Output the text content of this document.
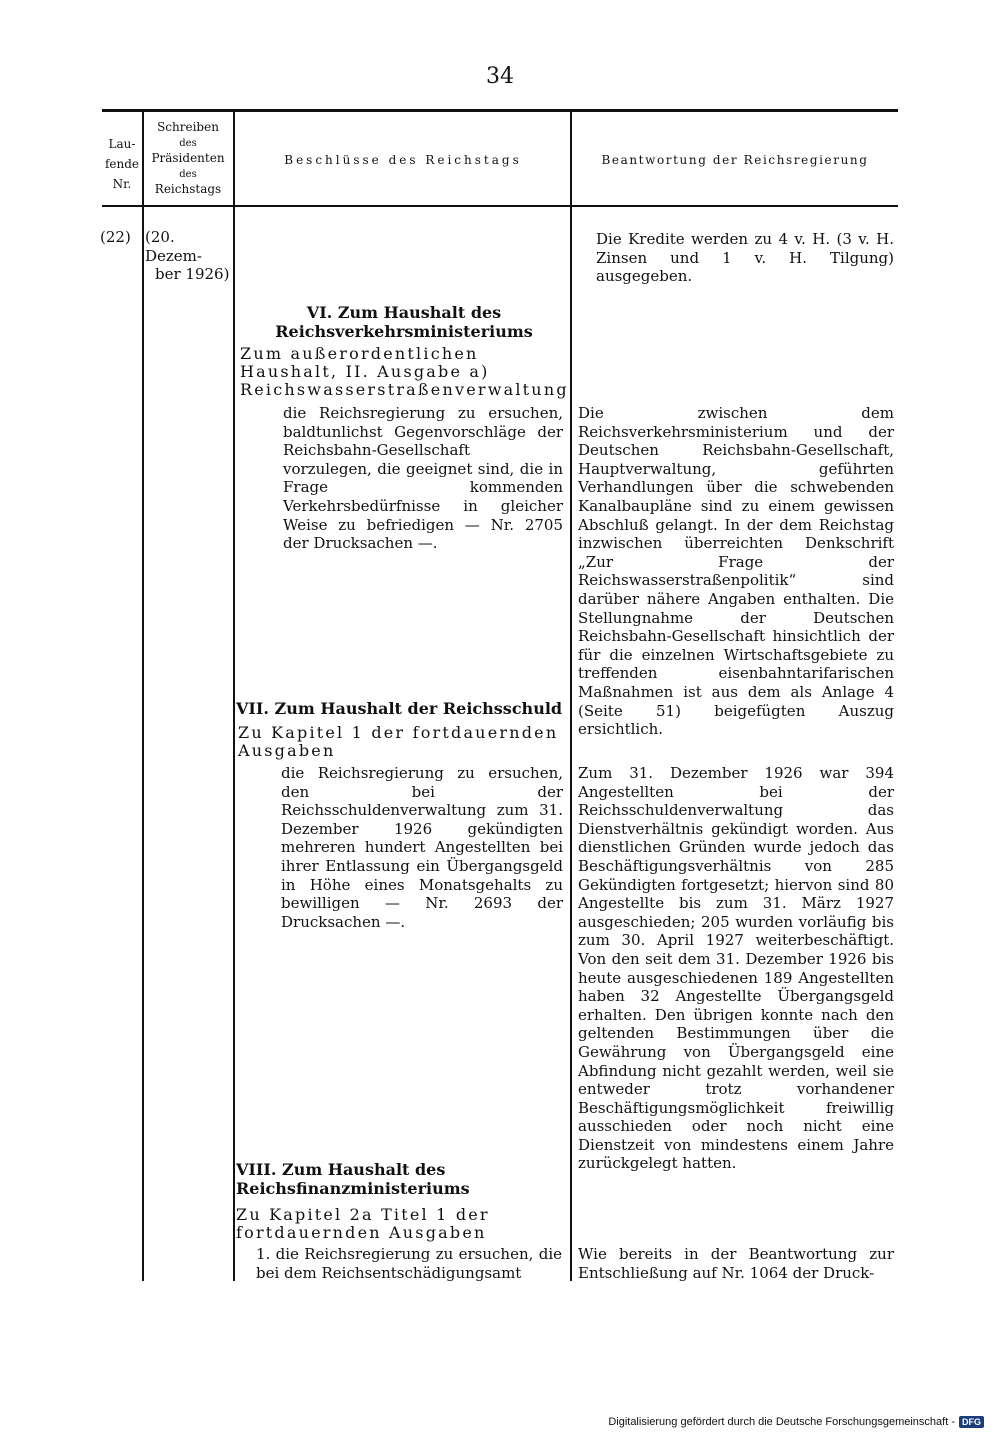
34
Lau-
fende
Nr.
Schreiben
des
Präsidenten
des
Reichstags
Beschlüsse des Reichstags	Beantwortung der Reichsregierung
(22) (20. Dezem-
ber 1926)
Die Kredite werden zu 4 v. H. (3 v. H. Zinsen und 1 v. H. Tilgung) ausgegeben.
VI. Zum Haushalt des Reichsverkehrsministeriums
Zum außerordentlichen Haushalt, II. Ausgabe a) Reichswasserstraßenverwaltung
die Reichsregierung zu ersuchen, baldtunlichst Gegenvorschläge der Reichsbahn-Gesellschaft vorzulegen, die geeignet sind, die in Frage kommenden Verkehrsbedürfnisse in gleicher Weise zu befriedigen — Nr. 2705 der Drucksachen —.
Die zwischen dem Reichsverkehrsministerium und der Deutschen Reichsbahn-Gesellschaft, Hauptverwaltung, geführten Verhandlungen über die schwebenden Kanalbaupläne sind zu einem gewissen Abschluß gelangt. In der dem Reichstag inzwischen überreichten Denkschrift „Zur Frage der Reichswasserstraßenpolitik“ sind darüber nähere Angaben enthalten. Die Stellungnahme der Deutschen Reichsbahn-Gesellschaft hinsichtlich der für die einzelnen Wirtschaftsgebiete zu treffenden eisenbahntarifarischen Maßnahmen ist aus dem als Anlage 4 (Seite 51) beigefügten Auszug ersichtlich.
VII. Zum Haushalt der Reichsschuld
Zu Kapitel 1 der fortdauernden Ausgaben
die Reichsregierung zu ersuchen, den bei der Reichsschuldenverwaltung zum 31. Dezember 1926 gekündigten mehreren hundert Angestellten bei ihrer Entlassung ein Übergangsgeld in Höhe eines Monatsgehalts zu bewilligen — Nr. 2693 der Drucksachen —.
Zum 31. Dezember 1926 war 394 Angestellten bei der Reichsschuldenverwaltung das Dienstverhältnis gekündigt worden. Aus dienstlichen Gründen wurde jedoch das Beschäftigungsverhältnis von 285 Gekündigten fortgesetzt; hiervon sind 80 Angestellte bis zum 31. März 1927 ausgeschieden; 205 wurden vorläufig bis zum 30. April 1927 weiterbeschäftigt. Von den seit dem 31. Dezember 1926 bis heute ausgeschiedenen 189 Angestellten haben 32 Angestellte Übergangsgeld erhalten. Den übrigen konnte nach den geltenden Bestimmungen über die Gewährung von Übergangsgeld eine Abfindung nicht gezahlt werden, weil sie entweder trotz vorhandener Beschäftigungsmöglichkeit freiwillig ausschieden oder noch nicht eine Dienstzeit von mindestens einem Jahre zurückgelegt hatten.
VIII. Zum Haushalt des Reichsfinanzministeriums
Zu Kapitel 2a Titel 1 der fortdauernden Ausgaben
1. die Reichsregierung zu ersuchen, die bei dem Reichsentschädigungsamt
Wie bereits in der Beantwortung zur Entschließung auf Nr. 1064 der Druck-
Digitalisierung gefördert durch die Deutsche Forschungsgemeinschaft - DFG
